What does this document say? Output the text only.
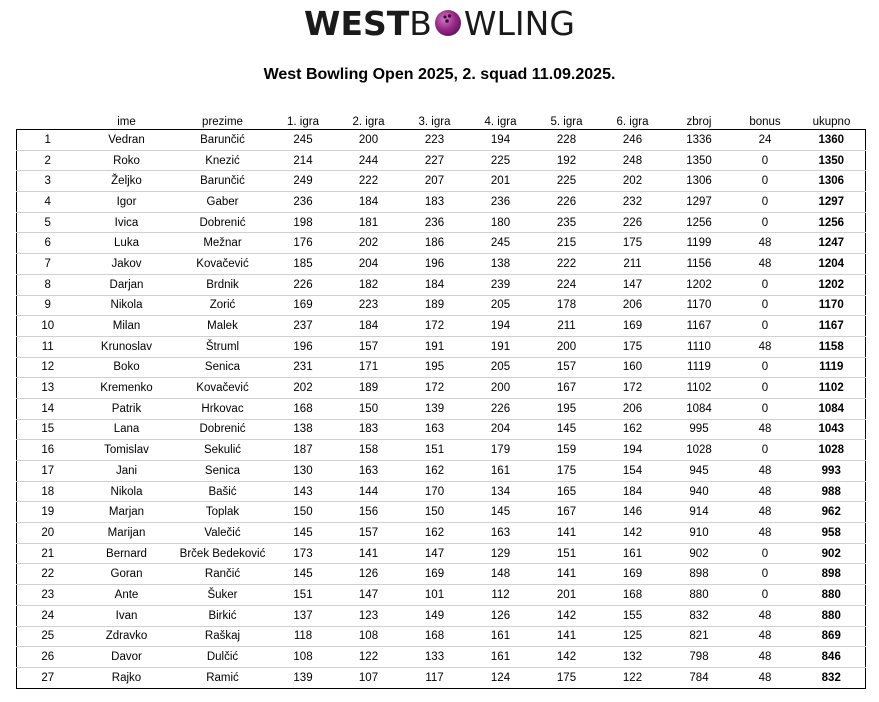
WESTB WLING
West Bowling Open 2025, 2. squad 11.09.2025.
	ime	prezime	1. igra	2. igra	3. igra	4. igra	5. igra	6. igra	zbroj	bonus	ukupno
1	Vedran	Barunčić	245	200	223	194	228	246	1336	24	1360
2	Roko	Knezić	214	244	227	225	192	248	1350	0	1350
3	Željko	Barunčić	249	222	207	201	225	202	1306	0	1306
4	Igor	Gaber	236	184	183	236	226	232	1297	0	1297
5	Ivica	Dobrenić	198	181	236	180	235	226	1256	0	1256
6	Luka	Mežnar	176	202	186	245	215	175	1199	48	1247
7	Jakov	Kovačević	185	204	196	138	222	211	1156	48	1204
8	Darjan	Brdnik	226	182	184	239	224	147	1202	0	1202
9	Nikola	Zorić	169	223	189	205	178	206	1170	0	1170
10	Milan	Malek	237	184	172	194	211	169	1167	0	1167
11	Krunoslav	Štruml	196	157	191	191	200	175	1110	48	1158
12	Boko	Senica	231	171	195	205	157	160	1119	0	1119
13	Kremenko	Kovačević	202	189	172	200	167	172	1102	0	1102
14	Patrik	Hrkovac	168	150	139	226	195	206	1084	0	1084
15	Lana	Dobrenić	138	183	163	204	145	162	995	48	1043
16	Tomislav	Sekulić	187	158	151	179	159	194	1028	0	1028
17	Jani	Senica	130	163	162	161	175	154	945	48	993
18	Nikola	Bašić	143	144	170	134	165	184	940	48	988
19	Marjan	Toplak	150	156	150	145	167	146	914	48	962
20	Marijan	Valečić	145	157	162	163	141	142	910	48	958
21	Bernard	Brček Bedeković	173	141	147	129	151	161	902	0	902
22	Goran	Rančić	145	126	169	148	141	169	898	0	898
23	Ante	Šuker	151	147	101	112	201	168	880	0	880
24	Ivan	Birkić	137	123	149	126	142	155	832	48	880
25	Zdravko	Raškaj	118	108	168	161	141	125	821	48	869
26	Davor	Dulčić	108	122	133	161	142	132	798	48	846
27	Rajko	Ramić	139	107	117	124	175	122	784	48	832
